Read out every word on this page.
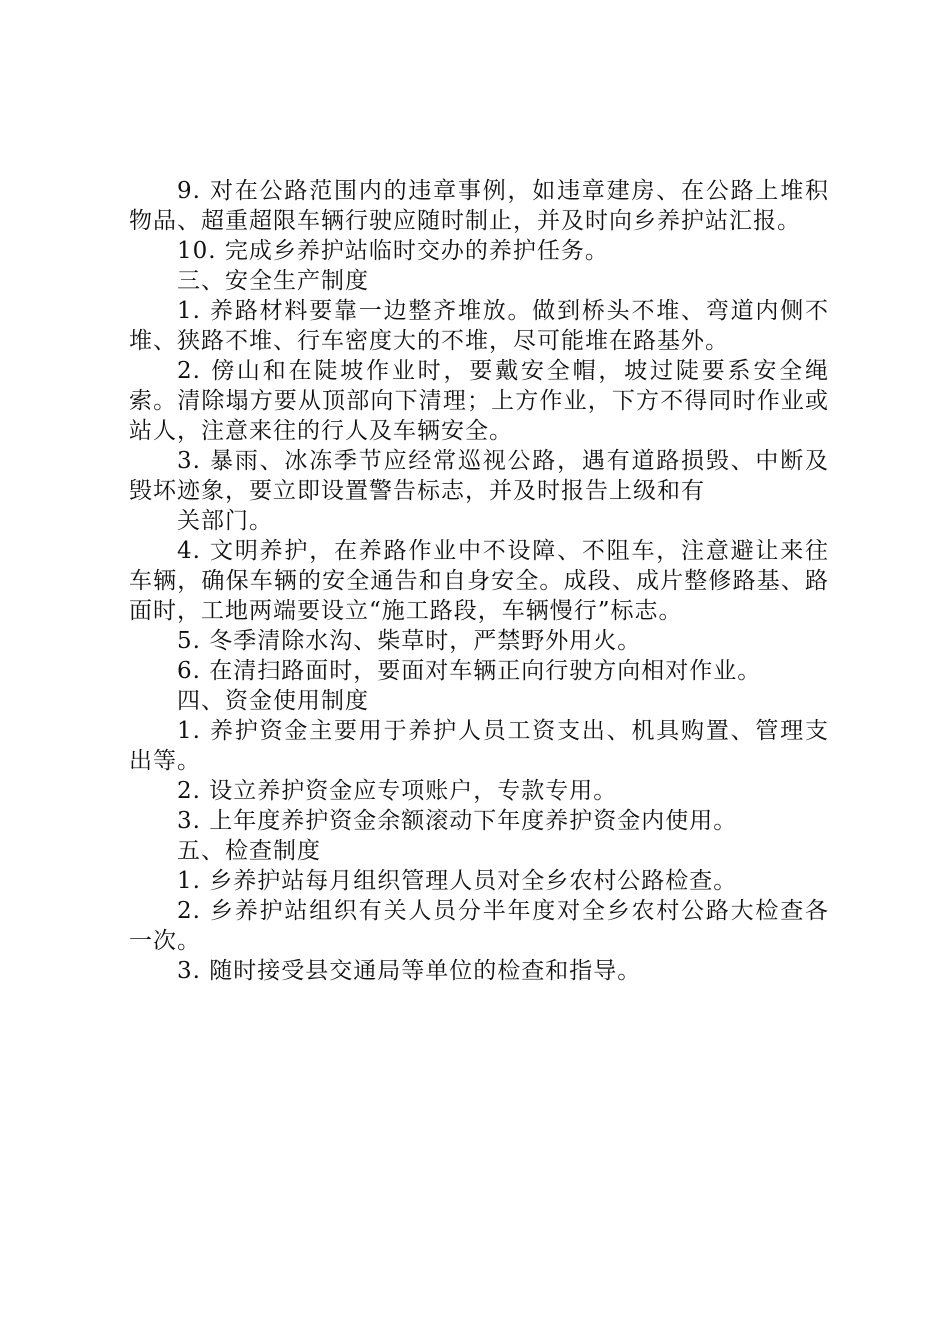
9. 对在公路范围内的违章事例，如违章建房、在公路上堆积物品、超重超限车辆行驶应随时制止，并及时向乡养护站汇报。

10. 完成乡养护站临时交办的养护任务。

三、安全生产制度

1. 养路材料要靠一边整齐堆放。做到桥头不堆、弯道内侧不堆、狭路不堆、行车密度大的不堆，尽可能堆在路基外。

2. 傍山和在陡坡作业时，要戴安全帽，坡过陡要系安全绳索。清除塌方要从顶部向下清理；上方作业，下方不得同时作业或站人，注意来往的行人及车辆安全。

3. 暴雨、冰冻季节应经常巡视公路，遇有道路损毁、中断及毁坏迹象，要立即设置警告标志，并及时报告上级和有

关部门。

4. 文明养护，在养路作业中不设障、不阻车，注意避让来往车辆，确保车辆的安全通告和自身安全。成段、成片整修路基、路面时，工地两端要设立“施工路段，车辆慢行”标志。

5. 冬季清除水沟、柴草时，严禁野外用火。

6. 在清扫路面时，要面对车辆正向行驶方向相对作业。

四、资金使用制度

1. 养护资金主要用于养护人员工资支出、机具购置、管理支出等。

2. 设立养护资金应专项账户，专款专用。

3. 上年度养护资金余额滚动下年度养护资金内使用。

五、检查制度

1. 乡养护站每月组织管理人员对全乡农村公路检查。

2. 乡养护站组织有关人员分半年度对全乡农村公路大检查各一次。

3. 随时接受县交通局等单位的检查和指导。
